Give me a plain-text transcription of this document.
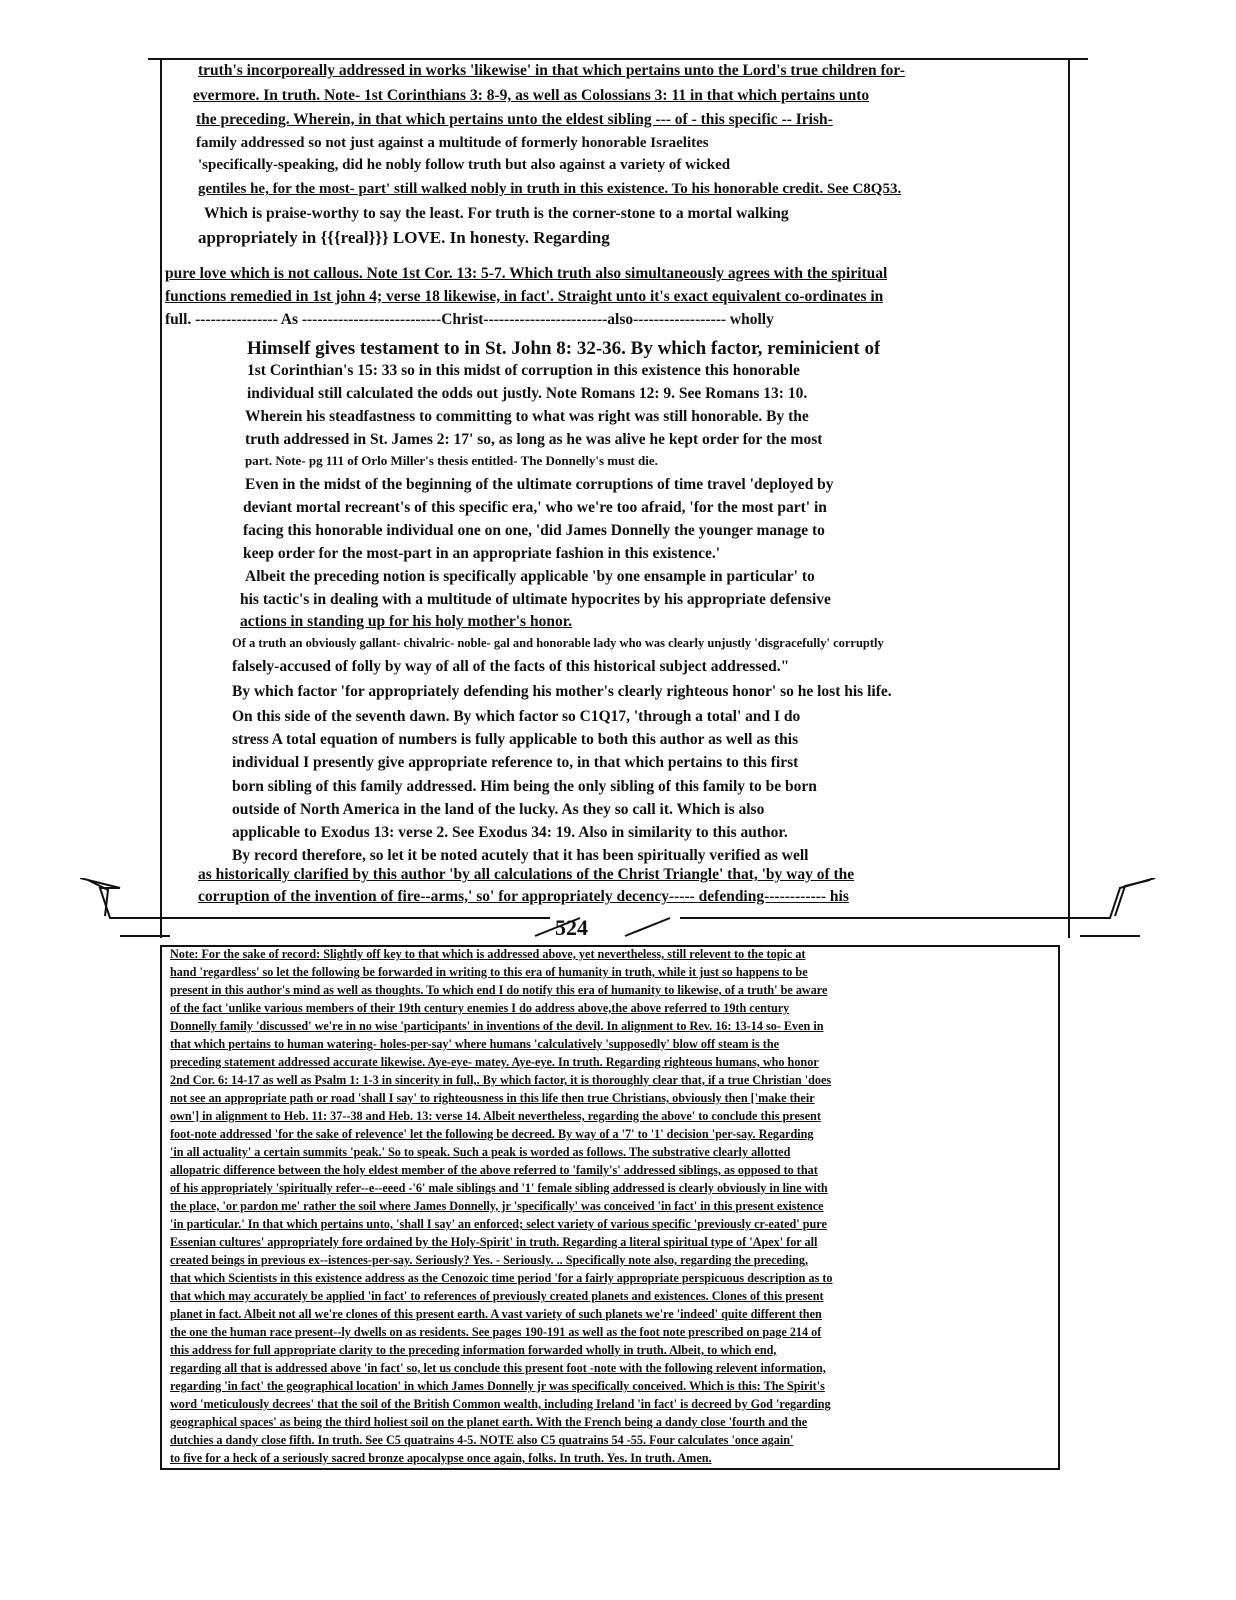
truth's incorporeally addressed in works 'likewise' in that which pertains unto the Lord's true children for-
evermore. In truth. Note- 1st Corinthians 3: 8-9, as well as Colossians 3: 11 in that which pertains unto
the preceding. Wherein, in that which pertains unto the eldest sibling --- of - this specific -- Irish-
family addressed so not just against a multitude of formerly honorable Israelites
'specifically-speaking, did he nobly follow truth but also against a variety of wicked
gentiles he, for the most- part' still walked nobly in truth in this existence. To his honorable credit. See C8Q53.
Which is praise-worthy to say the least. For truth is the corner-stone to a mortal walking
appropriately in {{{real}}} LOVE. In honesty. Regarding
pure love which is not callous. Note 1st Cor. 13: 5-7. Which truth also simultaneously agrees with the spiritual
functions remedied in 1st john 4; verse 18 likewise, in fact'. Straight unto it's exact equivalent co-ordinates in
full. ---------------- As ---------------------------Christ------------------------also------------------ wholly
Himself gives testament to in St. John 8: 32-36. By which factor, reminicient of
1st Corinthian's 15: 33 so in this midst of corruption in this existence this honorable
individual still calculated the odds out justly. Note Romans 12: 9. See Romans 13: 10.
Wherein his steadfastness to committing to what was right was still honorable. By the
truth addressed in St. James 2: 17' so, as long as he was alive he kept order for the most
part. Note- pg 111 of Orlo Miller's thesis entitled- The Donnelly's must die.
Even in the midst of the beginning of the ultimate corruptions of time travel 'deployed by
deviant mortal recreant's of this specific era,' who we're too afraid, 'for the most part' in
facing this honorable individual one on one, 'did James Donnelly the younger manage to
keep order for the most-part in an appropriate fashion in this existence.'
Albeit the preceding notion is specifically applicable 'by one ensample in particular' to
his tactic's in dealing with a multitude of ultimate hypocrites by his appropriate defensive
actions in standing up for his holy mother's honor.
Of a truth an obviously gallant- chivalric- noble- gal and honorable lady who was clearly unjustly 'disgracefully' corruptly
falsely-accused of folly by way of all of the facts of this historical subject addressed."
By which factor 'for appropriately defending his mother's clearly righteous honor' so he lost his life.
On this side of the seventh dawn. By which factor so C1Q17, 'through a total' and I do
stress A total equation of numbers is fully applicable to both this author as well as this
individual I presently give appropriate reference to, in that which pertains to this first
born sibling of this family addressed. Him being the only sibling of this family to be born
outside of North America in the land of the lucky. As they so call it. Which is also
applicable to Exodus 13: verse 2. See Exodus 34: 19. Also in similarity to this author.
By record therefore, so let it be noted acutely that it has been spiritually verified as well
as historically clarified by this author 'by all calculations of the Christ Triangle' that, 'by way of the
corruption of the invention of fire--arms,' so' for appropriately decency----- defending------------ his
524
Note: For the sake of record: Slightly off key to that which is addressed above, yet nevertheless, still relevent to the topic at
hand 'regardless' so let the following be forwarded in writing to this era of humanity in truth, while it just so happens to be
present in this author's mind as well as thoughts. To which end I do notify this era of humanity to likewise, of a truth' be aware
of the fact 'unlike various members of their 19th century enemies I do address above,the above referred to 19th century
Donnelly family 'discussed' we're in no wise 'participants' in inventions of the devil. In alignment to Rev. 16: 13-14 so- Even in
that which pertains to human watering- holes-per-say' where humans 'calculatively 'supposedly' blow off steam is the
preceding statement addressed accurate likewise. Aye-eye- matey. Aye-eye. In truth. Regarding righteous humans, who honor
2nd Cor. 6: 14-17 as well as Psalm 1: 1-3 in sincerity in full,. By which factor, it is thoroughly clear that, if a true Christian 'does
not see an appropriate path or road 'shall I say' to righteousness in this life then true Christians, obviously then ['make their
own'] in alignment to Heb. 11: 37--38 and Heb. 13: verse 14. Albeit nevertheless, regarding the above' to conclude this present
foot-note addressed 'for the sake of relevence' let the following be decreed. By way of a '7' to '1' decision 'per-say. Regarding
'in all actuality' a certain summits 'peak.' So to speak. Such a peak is worded as follows. The substrative clearly allotted
allopatric difference between the holy eldest member of the above referred to 'family's' addressed siblings, as opposed to that
of his appropriately 'spiritually refer--e--eeed -'6' male siblings and '1' female sibling addressed is clearly obviously in line with
the place, 'or pardon me' rather the soil where James Donnelly, jr 'specifically' was conceived 'in fact' in this present existence
'in particular.' In that which pertains unto, 'shall I say' an enforced; select variety of various specific 'previously cr-eated' pure
Essenian cultures' appropriately fore ordained by the Holy-Spirit' in truth. Regarding a literal spiritual type of 'Apex' for all
created beings in previous ex--istences-per-say. Seriously? Yes. - Seriously. .. Specifically note also, regarding the preceding,
that which Scientists in this existence address as the Cenozoic time period 'for a fairly appropriate perspicuous description as to
that which may accurately be applied 'in fact' to references of previously created planets and existences. Clones of this present
planet in fact. Albeit not all we're clones of this present earth. A vast variety of such planets we're 'indeed' quite different then
the one the human race present--ly dwells on as residents. See pages 190-191 as well as the foot note prescribed on page 214 of
this address for full appropriate clarity to the preceding information forwarded wholly in truth. Albeit, to which end,
regarding all that is addressed above 'in fact' so, let us conclude this present foot -note with the following relevent information,
regarding 'in fact' the geographical location' in which James Donnelly jr was specifically conceived. Which is this: The Spirit's
word 'meticulously decrees' that the soil of the British Common wealth, including Ireland 'in fact' is decreed by God 'regarding
geographical spaces' as being the third holiest soil on the planet earth. With the French being a dandy close 'fourth and the
dutchies a dandy close fifth. In truth. See C5 quatrains 4-5. NOTE also C5 quatrains 54 -55. Four calculates 'once again'
to five for a heck of a seriously sacred bronze apocalypse once again, folks. In truth. Yes. In truth. Amen.
